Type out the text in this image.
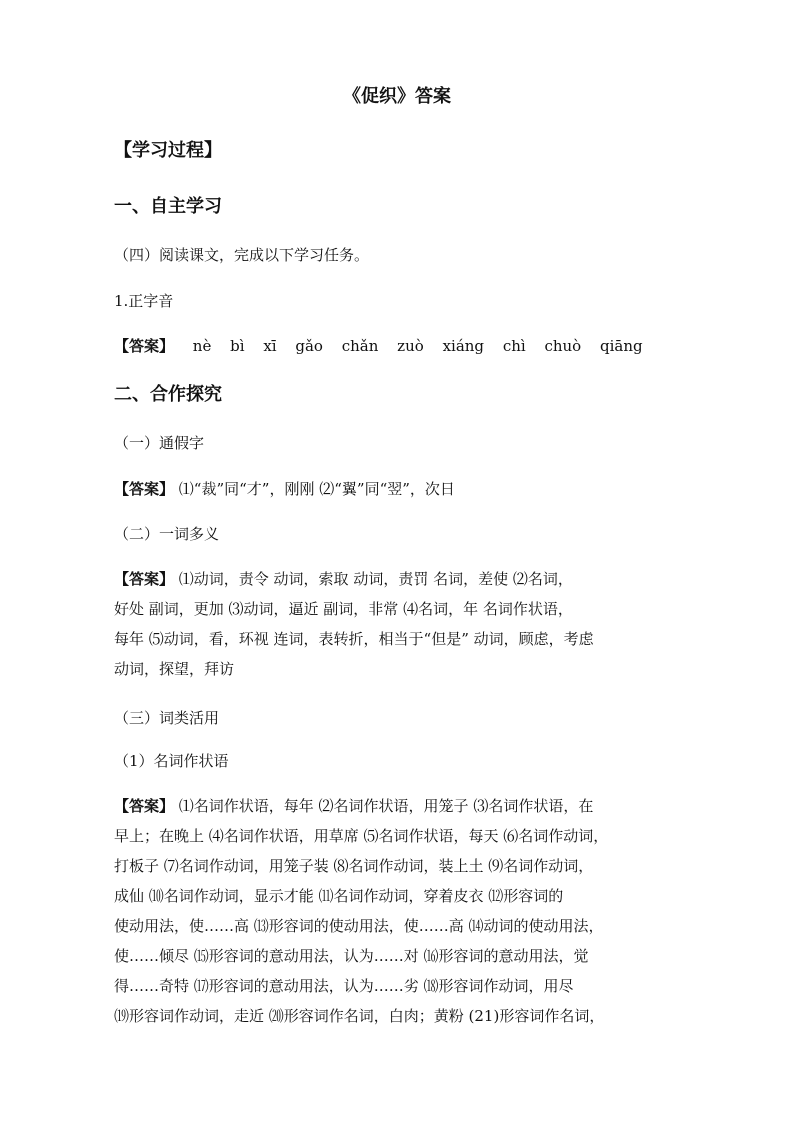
《促织》答案
【学习过程】
一、自主学习
（四）阅读课文，完成以下学习任务。
1.正字音
【答案】 nè bì xī gǎo chǎn zuò xiáng chì chuò qiāng
二、合作探究
（一）通假字
【答案】 ⑴“裁”同“才”，刚刚 ⑵“翼”同“翌”，次日
（二）一词多义
【答案】 ⑴动词，责令 动词，索取 动词，责罚 名词，差使 ⑵名词，
好处 副词，更加 ⑶动词，逼近 副词，非常 ⑷名词，年 名词作状语，
每年 ⑸动词，看，环视 连词，表转折，相当于“但是” 动词，顾虑，考虑
动词，探望，拜访
（三）词类活用
（1）名词作状语
【答案】 ⑴名词作状语，每年 ⑵名词作状语，用笼子 ⑶名词作状语，在
早上；在晚上 ⑷名词作状语，用草席 ⑸名词作状语，每天 ⑹名词作动词，
打板子 ⑺名词作动词，用笼子装 ⑻名词作动词，装上土 ⑼名词作动词，
成仙 ⑽名词作动词，显示才能 ⑾名词作动词，穿着皮衣 ⑿形容词的
使动用法，使……高 ⒀形容词的使动用法，使……高 ⒁动词的使动用法，
使……倾尽 ⒂形容词的意动用法，认为……对 ⒃形容词的意动用法，觉
得……奇特 ⒄形容词的意动用法，认为……劣 ⒅形容词作动词，用尽
⒆形容词作动词，走近 ⒇形容词作名词，白肉；黄粉 (21)形容词作名词，
